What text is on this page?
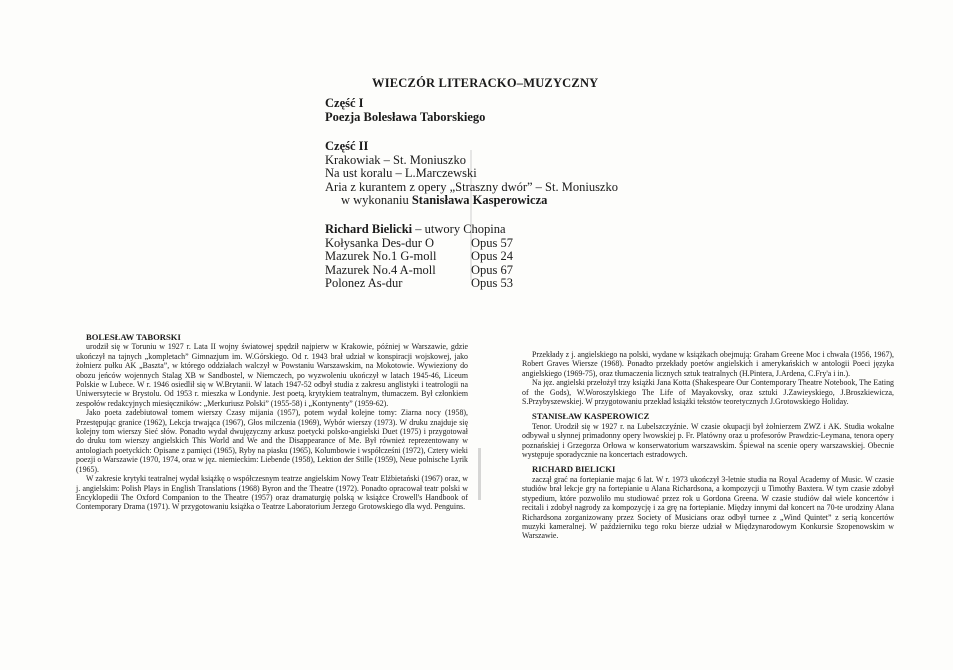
WIECZÓR LITERACKO–MUZYCZNY
Część I
Poezja Bolesława Taborskiego
Część II
Krakowiak – St. Moniuszko
Na ust koralu – L.Marczewski
Aria z kurantem z opery „Straszny dwór” – St. Moniuszko
w wykonaniu Stanisława Kasperowicza
Richard Bielicki – utwory Chopina
Kołysanka Des-dur O	Opus 57
Mazurek No.1 G-moll	Opus 24
Mazurek No.4 A-moll	Opus 67
Polonez As-dur	Opus 53

BOLESŁAW TABORSKI

urodził się w Toruniu w 1927 r. Lata II wojny światowej spędził najpierw w Krakowie, później w Warszawie, gdzie ukończył na tajnych „kompletach” Gimnazjum im. W.Górskiego. Od r. 1943 brał udział w konspiracji wojskowej, jako żołnierz pułku AK „Baszta”, w którego oddziałach walczył w Powstaniu Warszawskim, na Mokotowie. Wywieziony do obozu jeńców wojennych Stalag XB w Sandbostel, w Niemczech, po wyzwoleniu ukończył w latach 1945-46, Liceum Polskie w Lubece. W r. 1946 osiedlił się w W.Brytanii. W latach 1947-52 odbył studia z zakresu anglistyki i teatrologii na Uniwersytecie w Brystolu. Od 1953 r. mieszka w Londynie. Jest poetą, krytykiem teatralnym, tłumaczem. Był członkiem zespołów redakcyjnych miesięczników: „Merkuriusz Polski” (1955-58) i „Kontynenty” (1959-62).

Jako poeta zadebiutował tomem wierszy Czasy mijania (1957), potem wydał kolejne tomy: Ziarna nocy (1958), Przestępując granice (1962), Lekcja trwająca (1967), Głos milczenia (1969), Wybór wierszy (1973). W druku znajduje się kolejny tom wierszy Sieć słów. Ponadto wydał dwujęzyczny arkusz poetycki polsko-angielski Duet (1975) i przygotował do druku tom wierszy angielskich This World and We and the Disappearance of Me. Był również reprezentowany w antologiach poetyckich: Opisane z pamięci (1965), Ryby na piasku (1965), Kolumbowie i współcześni (1972), Cztery wieki poezji o Warszawie (1970, 1974, oraz w jęz. niemieckim: Liebende (1958), Lektion der Stille (1959), Neue polnische Lyrik (1965).

W zakresie krytyki teatralnej wydał książkę o współczesnym teatrze angielskim Nowy Teatr Elżbietański (1967) oraz, w j. angielskim: Polish Plays in English Translations (1968) Byron and the Theatre (1972). Ponadto opracował teatr polski w Encyklopedii The Oxford Companion to the Theatre (1957) oraz dramaturgię polską w książce Crowell's Handbook of Contemporary Drama (1971). W przygotowaniu książka o Teatrze Laboratorium Jerzego Grotowskiego dla wyd. Penguins.

Przekłady z j. angielskiego na polski, wydane w książkach obejmują: Graham Greene Moc i chwała (1956, 1967), Robert Graves Wiersze (1968). Ponadto przekłady poetów angielskich i amerykańskich w antologii Poeci języka angielskiego (1969-75), oraz tłumaczenia licznych sztuk teatralnych (H.Pintera, J.Ardena, C.Fry'a i in.).

Na jęz. angielski przełożył trzy książki Jana Kotta (Shakespeare Our Contemporary Theatre Notebook, The Eating of the Gods), W.Woroszylskiego The Life of Mayakovsky, oraz sztuki J.Zawieyskiego, J.Broszkiewicza, S.Przybyszewskiej. W przygotowaniu przekład książki tekstów teoretycznych J.Grotowskiego Holiday.

STANISŁAW KASPEROWICZ

Tenor. Urodził się w 1927 r. na Lubelszczyźnie. W czasie okupacji był żołnierzem ZWZ i AK. Studia wokalne odbywał u słynnej primadonny opery lwowskiej p. Fr. Platówny oraz u profesorów Prawdzic-Leymana, tenora opery poznańskiej i Grzegorza Orłowa w konserwatorium warszawskim. Śpiewał na scenie opery warszawskiej. Obecnie występuje sporadycznie na koncertach estradowych.

RICHARD BIELICKI

zaczął grać na fortepianie mając 6 lat. W r. 1973 ukończył 3-letnie studia na Royal Academy of Music. W czasie studiów brał lekcje gry na fortepianie u Alana Richardsona, a kompozycji u Timothy Baxtera. W tym czasie zdobył stypedium, które pozwoliło mu studiować przez rok u Gordona Greena. W czasie studiów dał wiele koncertów i recitali i zdobył nagrody za kompozycję i za grę na fortepianie. Między innymi dał koncert na 70-te urodziny Alana Richardsona zorganizowany przez Society of Musicians oraz odbył turnee z „Wind Quintet” z serią koncertów muzyki kameralnej. W październiku tego roku bierze udział w Międzynarodowym Konkursie Szopenowskim w Warszawie.
